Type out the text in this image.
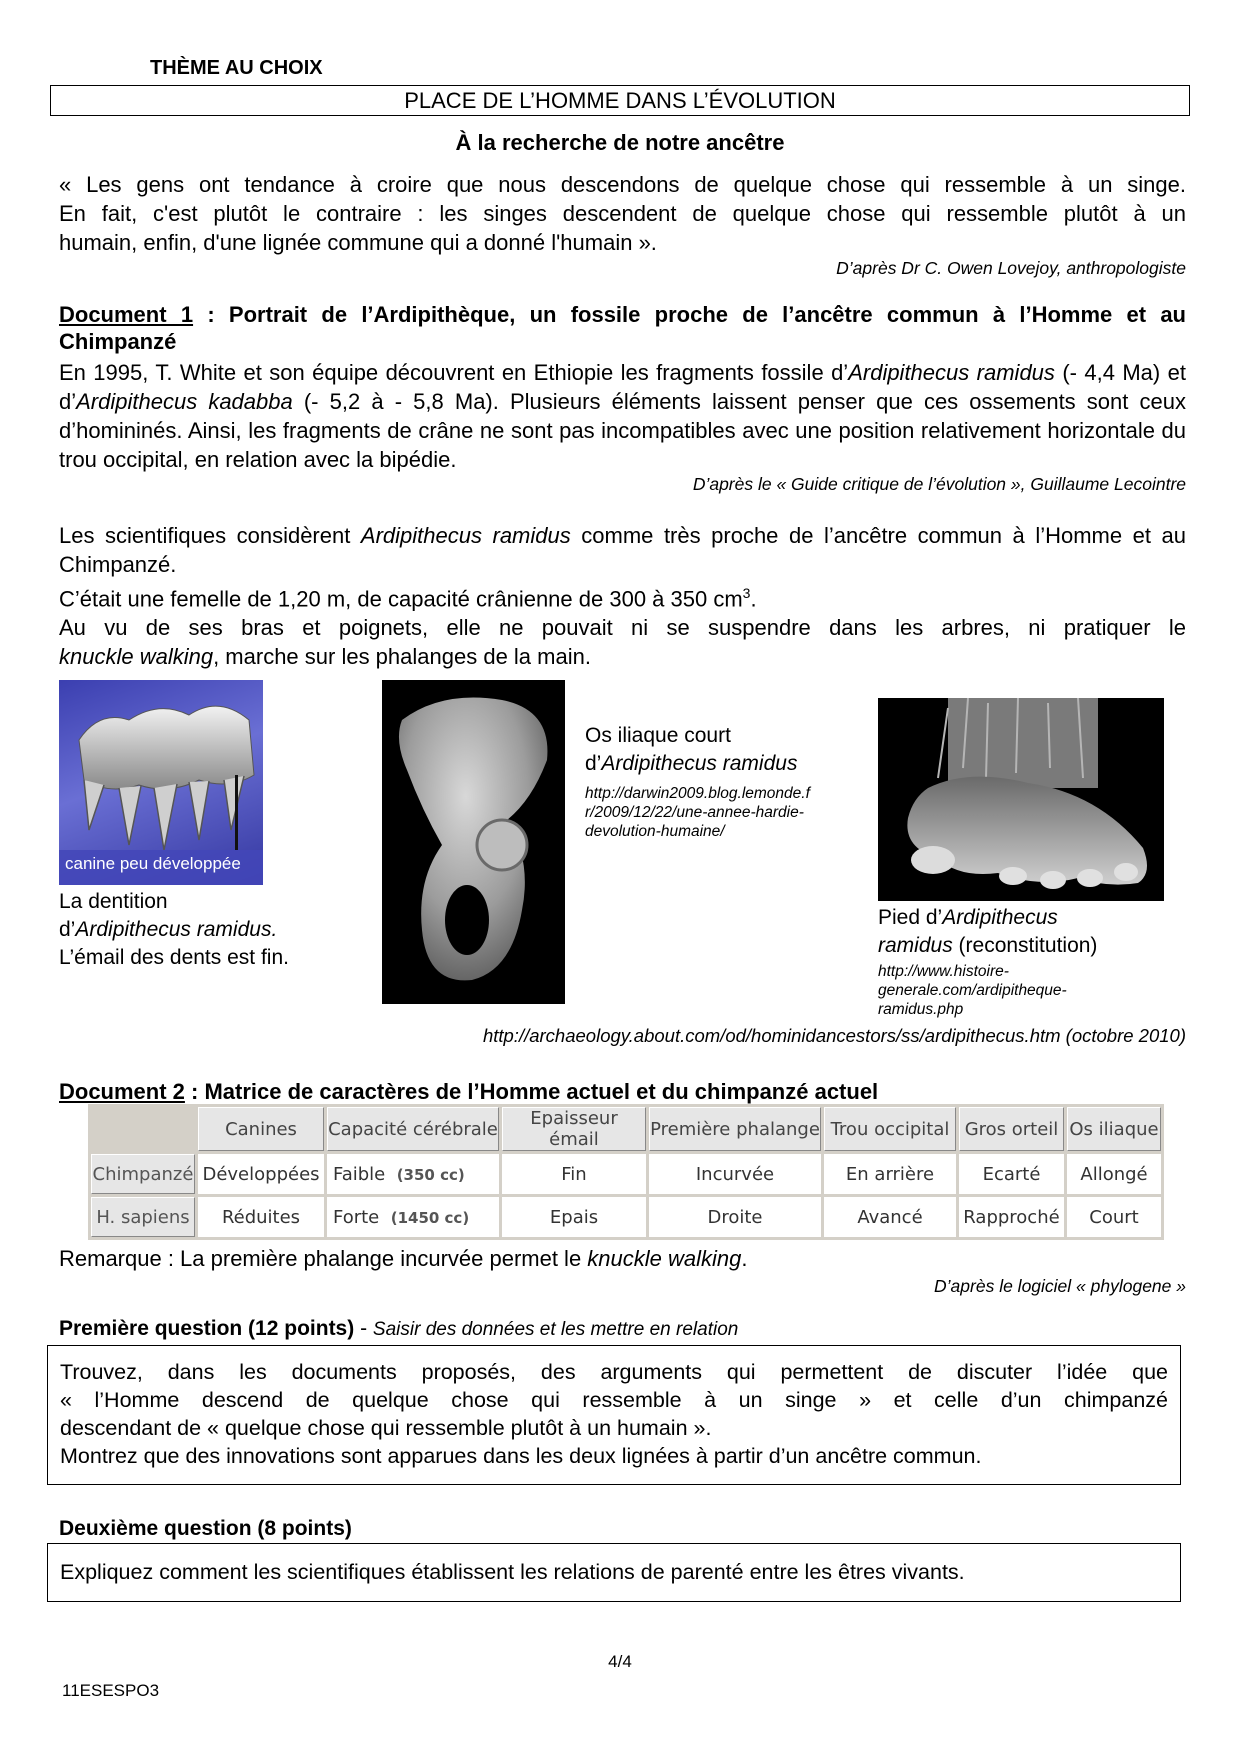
THÈME AU CHOIX
PLACE DE L’HOMME DANS L’ÉVOLUTION
À la recherche de notre ancêtre
« Les gens ont tendance à croire que nous descendons de quelque chose qui ressemble à un singe.
En fait, c'est plutôt le contraire : les singes descendent de quelque chose qui ressemble plutôt à un
humain, enfin, d'une lignée commune qui a donné l'humain ».
D’après Dr C. Owen Lovejoy, anthropologiste
Document 1 : Portrait de l’Ardipithèque, un fossile proche de l’ancêtre commun à l’Homme et au Chimpanzé
En 1995, T. White et son équipe découvrent en Ethiopie les fragments fossile d’Ardipithecus ramidus (- 4,4 Ma) et d’Ardipithecus kadabba (- 5,2 à - 5,8 Ma). Plusieurs éléments laissent penser que ces ossements sont ceux d’homininés. Ainsi, les fragments de crâne ne sont pas incompatibles avec une position relativement horizontale du trou occipital, en relation avec la bipédie.
D’après le « Guide critique de l’évolution », Guillaume Lecointre
Les scientifiques considèrent Ardipithecus ramidus comme très proche de l’ancêtre commun à l’Homme et au Chimpanzé.
C’était une femelle de 1,20 m, de capacité crânienne de 300 à 350 $cm^3$.
Au vu de ses bras et poignets, elle ne pouvait ni se suspendre dans les arbres, ni pratiquer le
knuckle walking, marche sur les phalanges de la main.
canine peu développée
La dentition
d’Ardipithecus ramidus.
L’émail des dents est fin.
Os iliaque court
d’Ardipithecus ramidus
http://darwin2009.blog.lemonde.f
r/2009/12/22/une-annee-hardie-
devolution-humaine/
Pied d’Ardipithecus
ramidus (reconstitution)
http://www.histoire-
generale.com/ardipitheque-
ramidus.php
http://archaeology.about.com/od/hominidancestors/ss/ardipithecus.htm (octobre 2010)
Document 2 : Matrice de caractères de l’Homme actuel et du chimpanzé actuel
	Canines	Capacité cérébrale	Epaisseur émail	Première phalange	Trou occipital	Gros orteil	Os iliaque
Chimpanzé	Développées	Faible (350 cc)	Fin	Incurvée	En arrière	Ecarté	Allongé
H. sapiens	Réduites	Forte (1450 cc)	Epais	Droite	Avancé	Rapproché	Court
Remarque : La première phalange incurvée permet le knuckle walking.
D’après le logiciel « phylogene »
Première question (12 points) - Saisir des données et les mettre en relation
Trouvez, dans les documents proposés, des arguments qui permettent de discuter l’idée que
« l’Homme descend de quelque chose qui ressemble à un singe » et celle d’un chimpanzé
descendant de « quelque chose qui ressemble plutôt à un humain ».
Montrez que des innovations sont apparues dans les deux lignées à partir d’un ancêtre commun.
Deuxième question (8 points)
Expliquez comment les scientifiques établissent les relations de parenté entre les êtres vivants.
4/4
11ESESPO3
